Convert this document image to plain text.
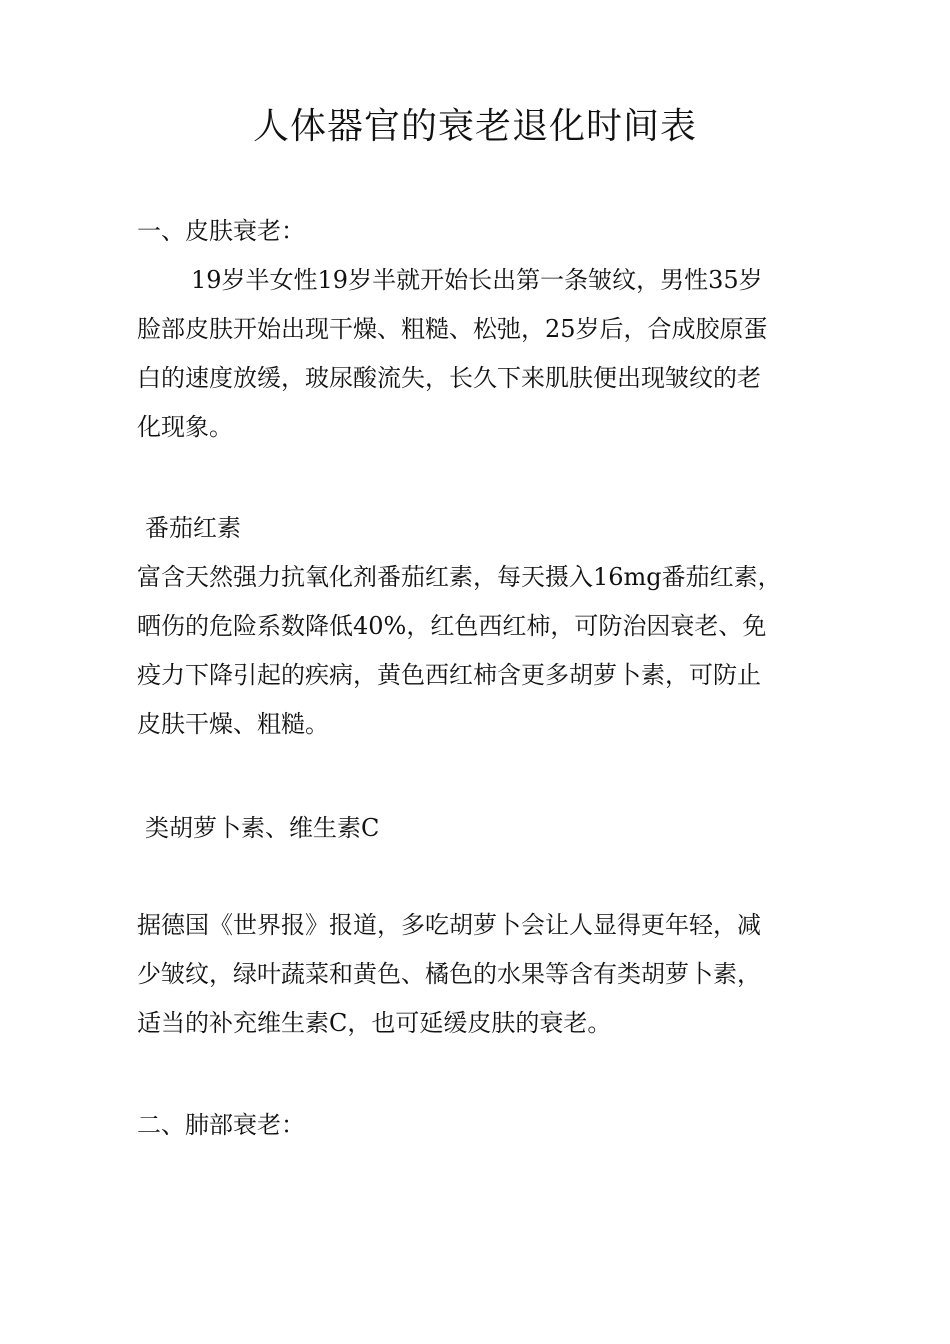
人体器官的衰老退化时间表
一、皮肤衰老：
19岁半女性19岁半就开始长出第一条皱纹，男性35岁
脸部皮肤开始出现干燥、粗糙、松弛，25岁后，合成胶原蛋
白的速度放缓，玻尿酸流失，长久下来肌肤便出现皱纹的老
化现象。
番茄红素
富含天然强力抗氧化剂番茄红素，每天摄入16mg番茄红素，
晒伤的危险系数降低40%，红色西红柿，可防治因衰老、免
疫力下降引起的疾病，黄色西红柿含更多胡萝卜素，可防止
皮肤干燥、粗糙。
类胡萝卜素、维生素C
据德国《世界报》报道，多吃胡萝卜会让人显得更年轻，减
少皱纹，绿叶蔬菜和黄色、橘色的水果等含有类胡萝卜素，
适当的补充维生素C，也可延缓皮肤的衰老。
二、肺部衰老：
